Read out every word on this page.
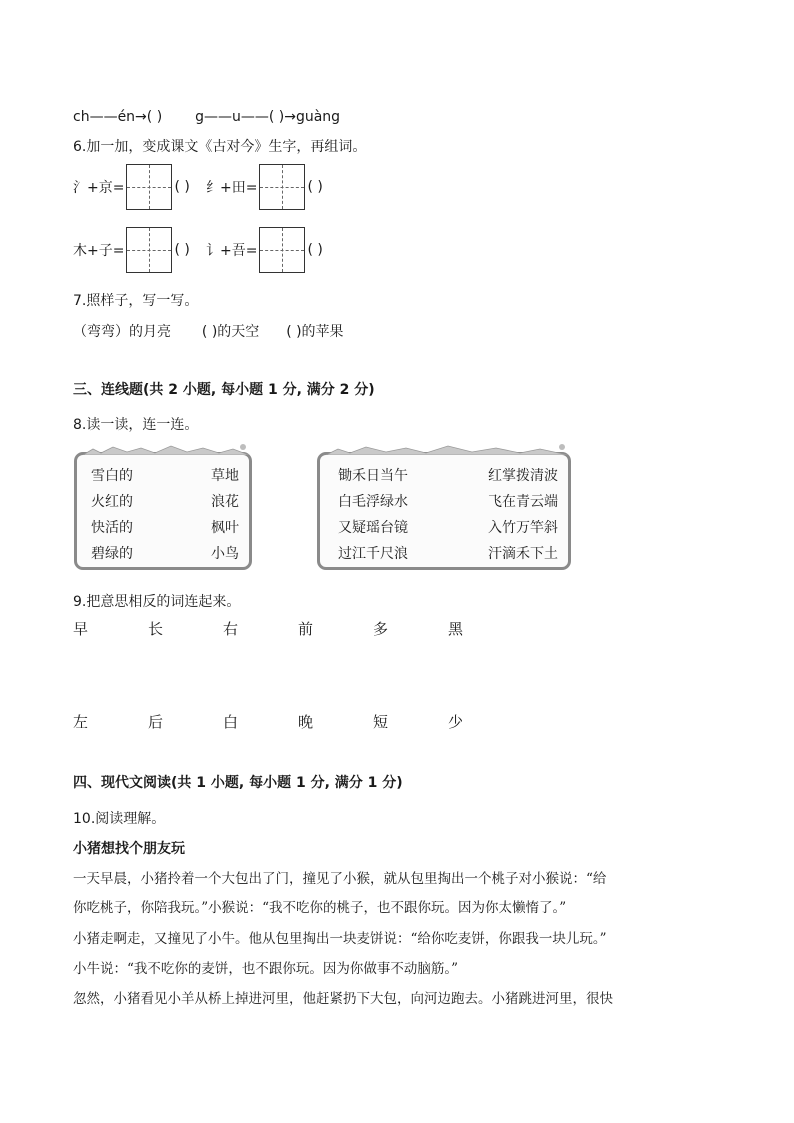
ch——én→( ) g——u——( )→guàng
6.加一加，变成课文《古对今》生字，再组词。
氵+京=	( ) 纟+田=	( )
木+子=	( ) 讠+吾=	( )
7.照样子，写一写。
（弯弯）的月亮 ( )的天空 ( )的苹果
三、连线题(共 2 小题, 每小题 1 分, 满分 2 分)
8.读一读，连一连。
雪白的	草地
火红的	浪花
快活的	枫叶
碧绿的	小鸟
锄禾日当午	红掌拨清波
白毛浮绿水	飞在青云端
又疑瑶台镜	入竹万竿斜
过江千尺浪	汗滴禾下土
9.把意思相反的词连起来。
早	长	右	前	多	黑
左	后	白	晚	短	少
四、现代文阅读(共 1 小题, 每小题 1 分, 满分 1 分)
10.阅读理解。
小猪想找个朋友玩
一天早晨，小猪拎着一个大包出了门，撞见了小猴，就从包里掏出一个桃子对小猴说：“给
你吃桃子，你陪我玩。”小猴说：“我不吃你的桃子，也不跟你玩。因为你太懒惰了。”
小猪走啊走，又撞见了小牛。他从包里掏出一块麦饼说：“给你吃麦饼，你跟我一块儿玩。”
小牛说：“我不吃你的麦饼，也不跟你玩。因为你做事不动脑筋。”
忽然，小猪看见小羊从桥上掉进河里，他赶紧扔下大包，向河边跑去。小猪跳进河里，很快
